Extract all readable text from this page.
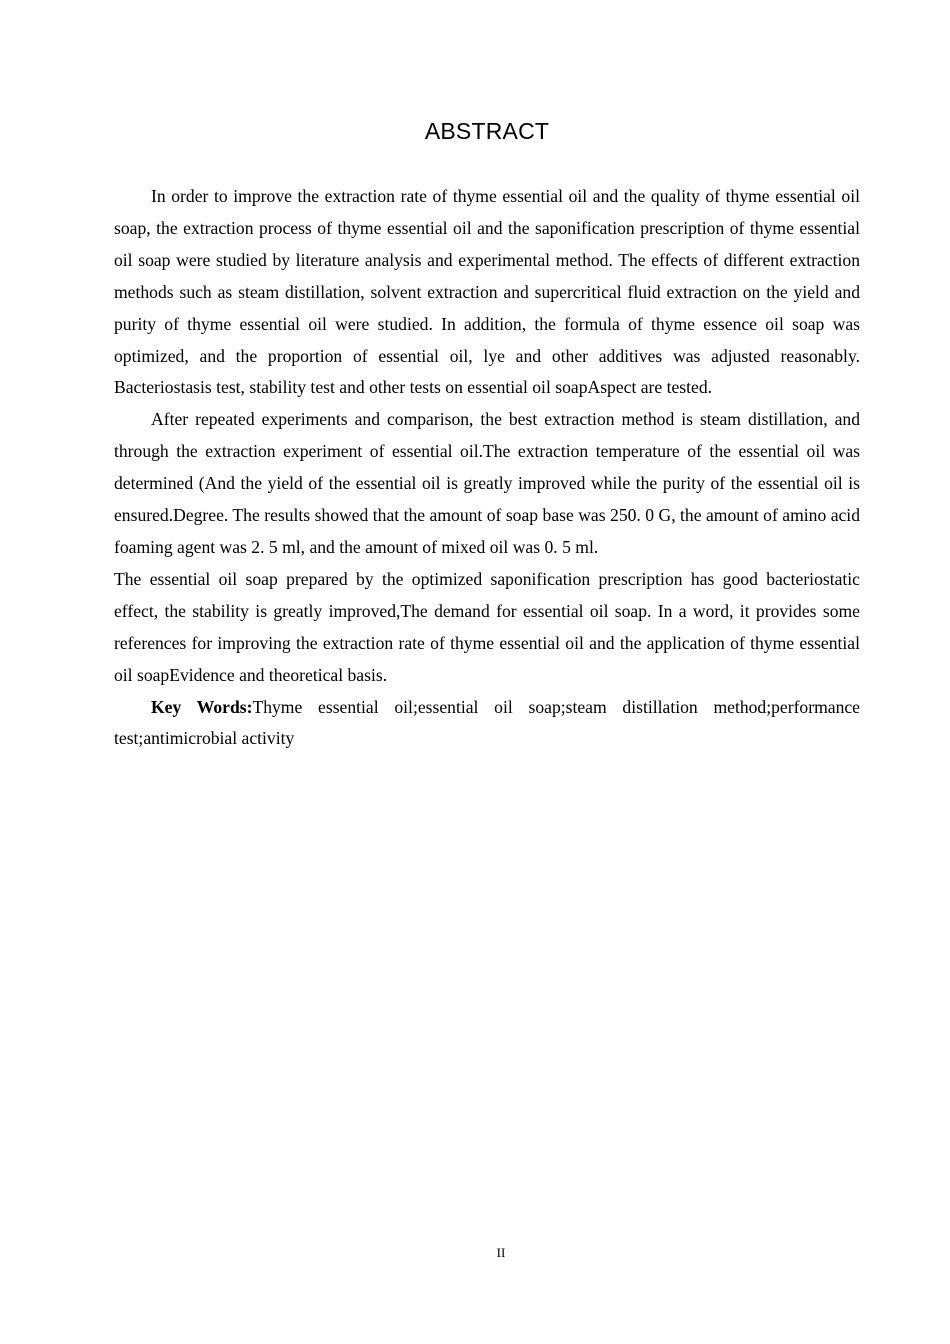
ABSTRACT

In order to improve the extraction rate of thyme essential oil and the quality of thyme essential oil soap, the extraction process of thyme essential oil and the saponification prescription of thyme essential oil soap were studied by literature analysis and experimental method. The effects of different extraction methods such as steam distillation, solvent extraction and supercritical fluid extraction on the yield and purity of thyme essential oil were studied. In addition, the formula of thyme essence oil soap was optimized, and the proportion of essential oil, lye and other additives was adjusted reasonably. Bacteriostasis test, stability test and other tests on essential oil soapAspect are tested.

After repeated experiments and comparison, the best extraction method is steam distillation, and through the extraction experiment of essential oil.The extraction temperature of the essential oil was determined (And the yield of the essential oil is greatly improved while the purity of the essential oil is ensured.Degree. The results showed that the amount of soap base was 250. 0 G, the amount of amino acid foaming agent was 2. 5 ml, and the amount of mixed oil was 0. 5 ml.

The essential oil soap prepared by the optimized saponification prescription has good bacteriostatic effect, the stability is greatly improved,The demand for essential oil soap. In a word, it provides some references for improving the extraction rate of thyme essential oil and the application of thyme essential oil soapEvidence and theoretical basis.

Key Words:Thyme essential oil;essential oil soap;steam distillation method;performance test;antimicrobial activity

II
